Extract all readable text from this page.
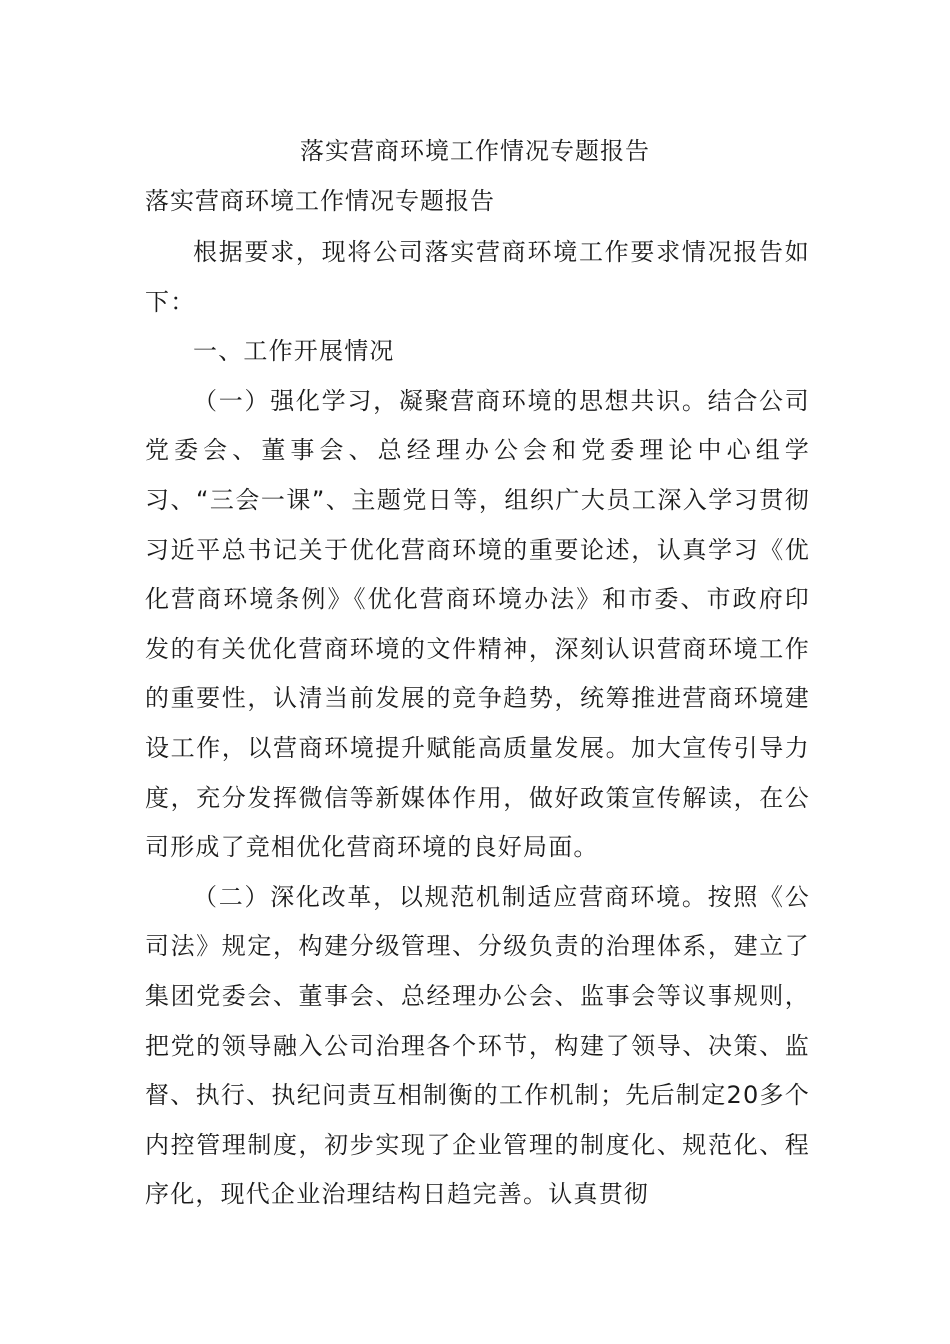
落实营商环境工作情况专题报告
落实营商环境工作情况专题报告

根据要求，现将公司落实营商环境工作要求情况报告如下：

一、工作开展情况

（一）强化学习，凝聚营商环境的思想共识。结合公司党委会、董事会、总经理办公会和党委理论中心组学习、“三会一课”、主题党日等，组织广大员工深入学习贯彻习近平总书记关于优化营商环境的重要论述，认真学习《优化营商环境条例》《优化营商环境办法》和市委、市政府印发的有关优化营商环境的文件精神，深刻认识营商环境工作的重要性，认清当前发展的竞争趋势，统筹推进营商环境建设工作，以营商环境提升赋能高质量发展。加大宣传引导力度，充分发挥微信等新媒体作用，做好政策宣传解读，在公司形成了竞相优化营商环境的良好局面。

（二）深化改革，以规范机制适应营商环境。按照《公司法》规定，构建分级管理、分级负责的治理体系，建立了集团党委会、董事会、总经理办公会、监事会等议事规则，把党的领导融入公司治理各个环节，构建了领导、决策、监督、执行、执纪问责互相制衡的工作机制；先后制定20多个内控管理制度，初步实现了企业管理的制度化、规范化、程序化，现代企业治理结构日趋完善。认真贯彻
